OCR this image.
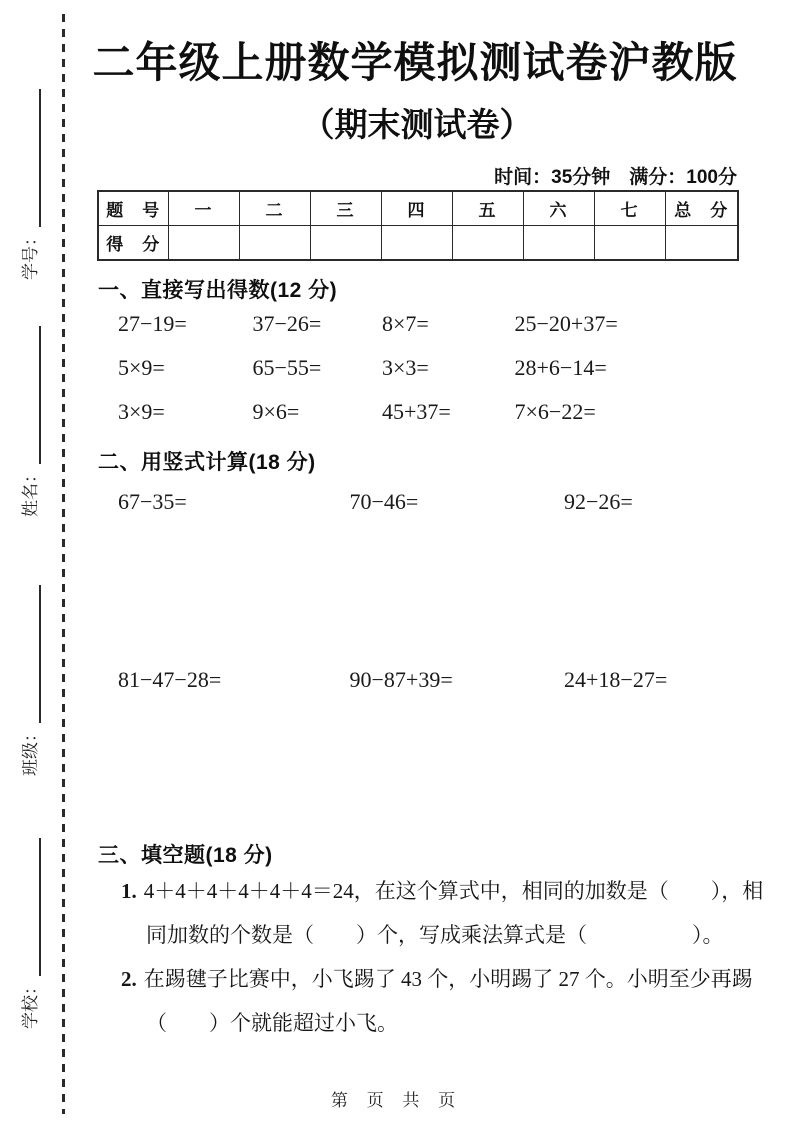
学号：
姓名：
班级：
学校：
二年级上册数学模拟测试卷沪教版
（期末测试卷）
时间：35分钟　满分：100分
题　号	一	二	三	四	五	六	七	总　分
得　分								
一、直接写出得数(12 分)
27−19=	37−26=	8×7=	25−20+37=
5×9=	65−55=	3×3=	28+6−14=
3×9=	9×6=	45+37=	7×6−22=
二、用竖式计算(18 分)
67−35=	70−46=	92−26=
81−47−28=	90−87+39=	24+18−27=
三、填空题(18 分)
1. 4＋4＋4＋4＋4＋4＝24，在这个算式中，相同的加数是（　　），相
同加数的个数是（　　）个，写成乘法算式是（　　　　　）。
2. 在踢毽子比赛中，小飞踢了 43 个，小明踢了 27 个。小明至少再踢
（　　）个就能超过小飞。
第 页 共 页
